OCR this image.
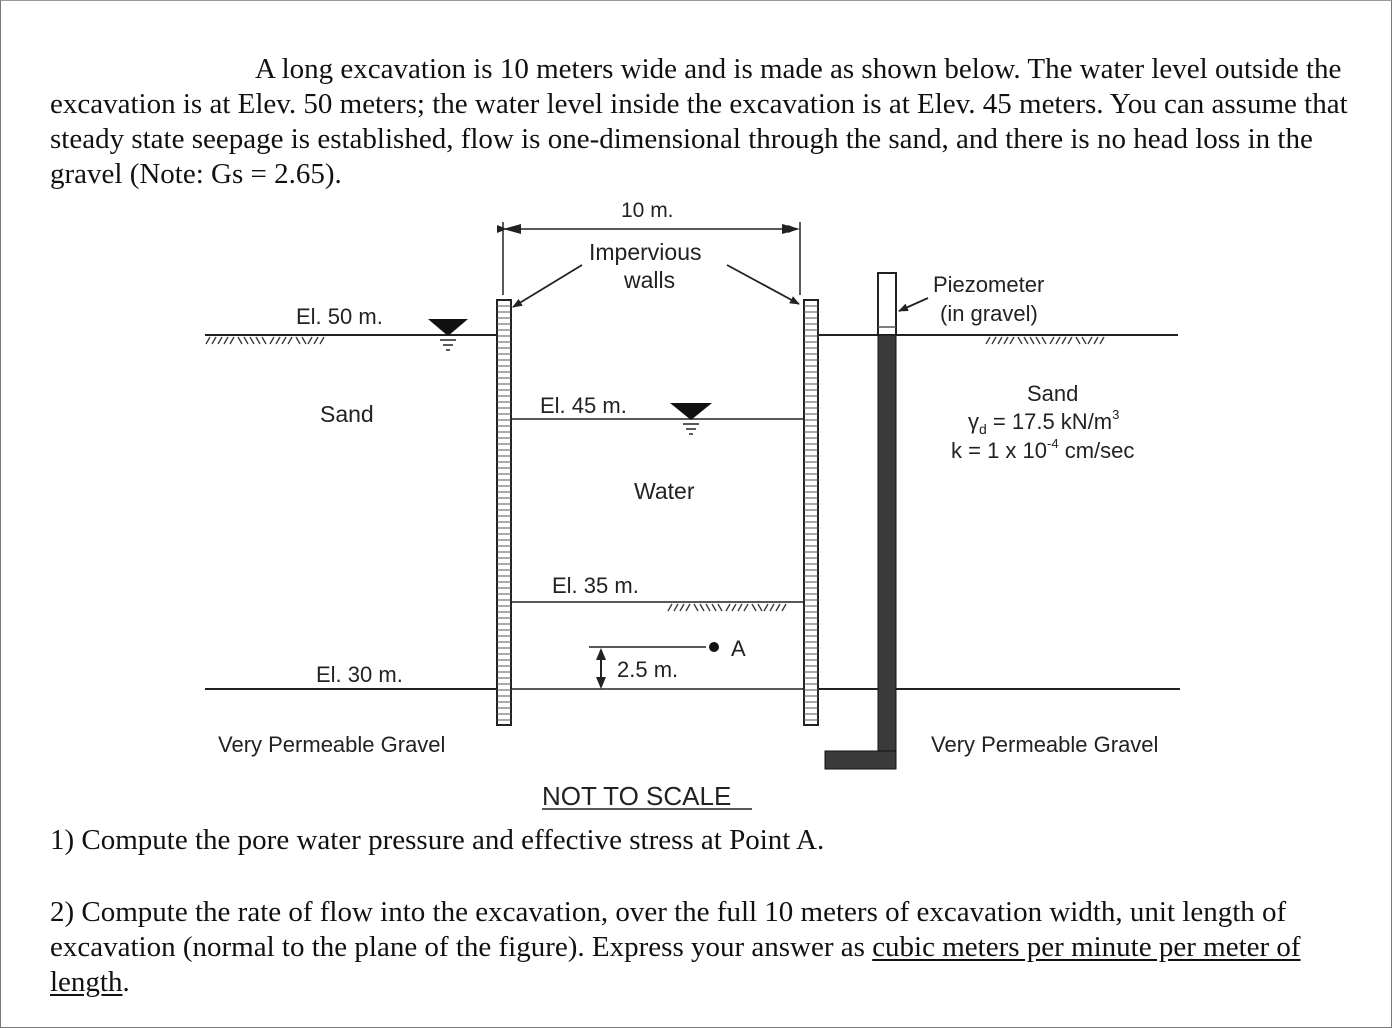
A long excavation is 10 meters wide and is made as shown below. The water level outside the excavation is at Elev. 50 meters; the water level inside the excavation is at Elev. 45 meters. You can assume that steady state seepage is established, flow is one-dimensional through the sand, and there is no head loss in the gravel (Note: Gs = 2.65).

10 m.
Impervious
walls
A
2.5 m.
Piezometer
(in gravel)
El. 50 m.
El. 45 m.
El. 35 m.
El. 30 m.
Sand
Water
Sand
$\gamma_d = 17.5$ $kN/m^3$
k = 1 x $10^{-4}$ cm/sec
Very Permeable Gravel	Very Permeable Gravel
NOT TO SCALE

1) Compute the pore water pressure and effective stress at Point A.

2) Compute the rate of flow into the excavation, over the full 10 meters of excavation width, unit length of excavation (normal to the plane of the figure). Express your answer as cubic meters per minute per meter of length.
